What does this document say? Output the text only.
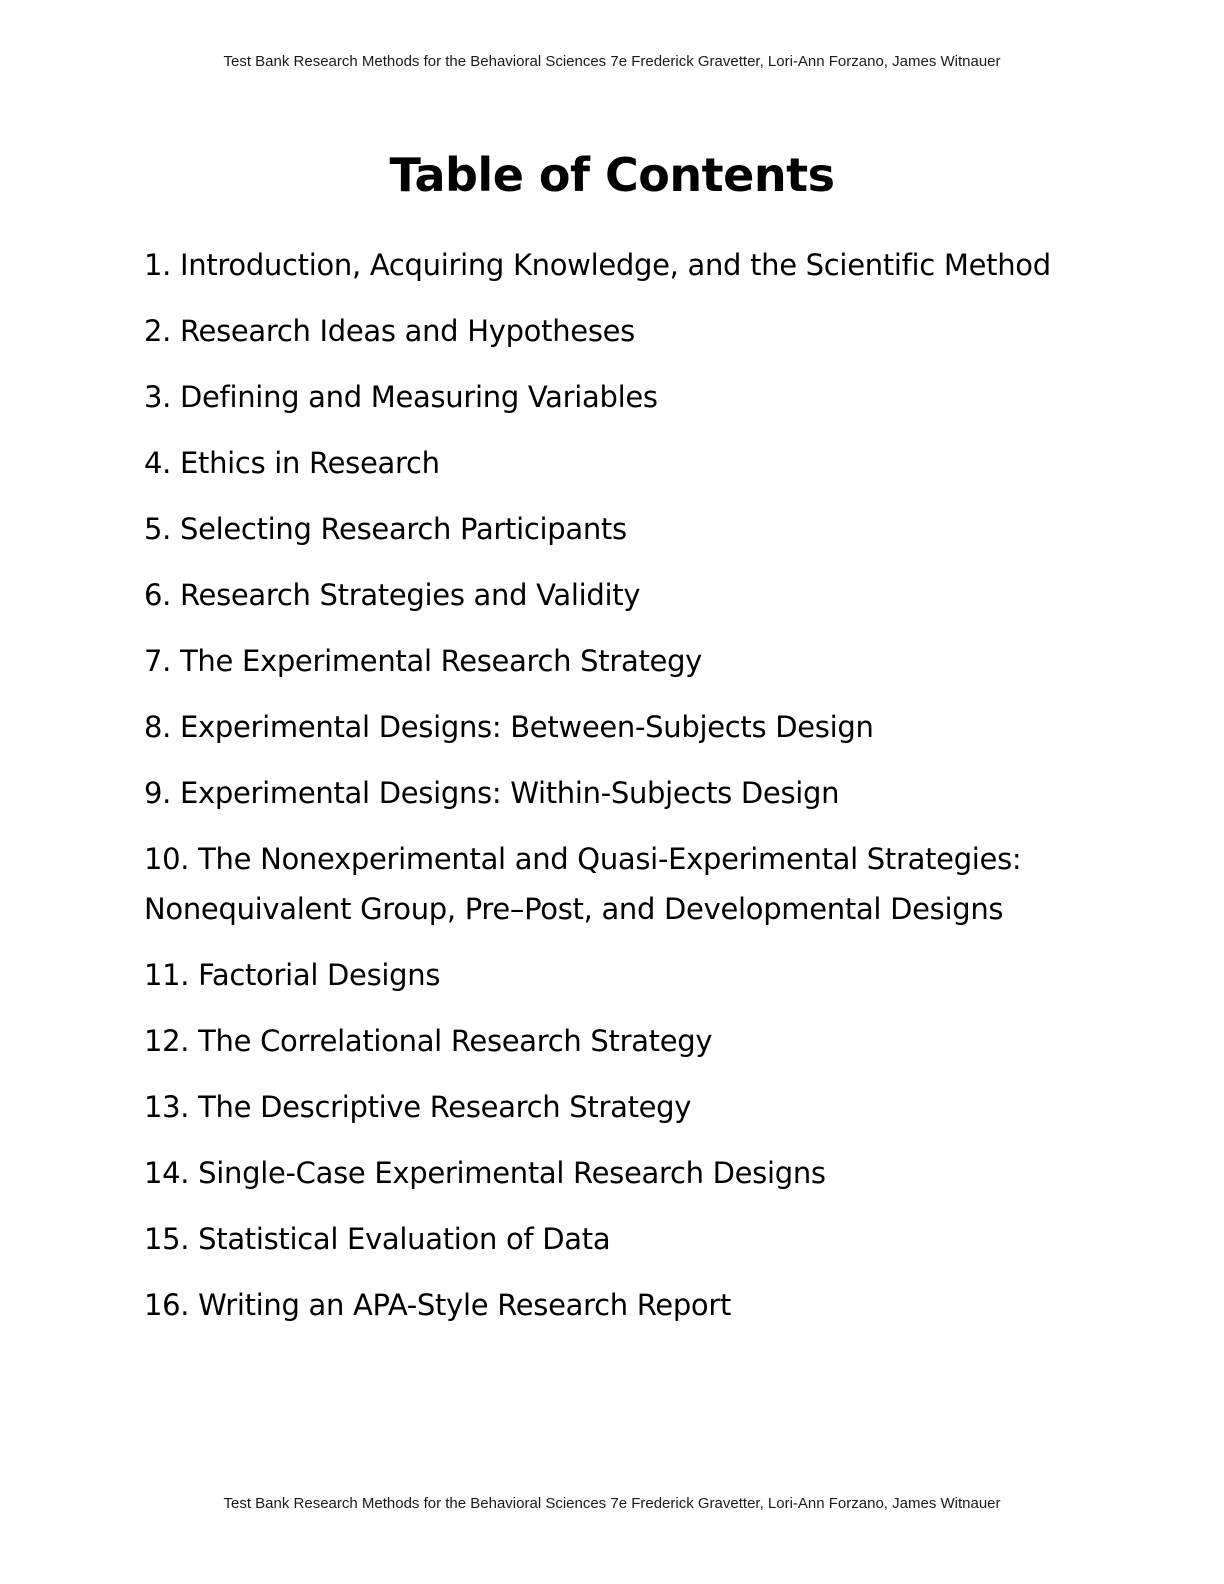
Test Bank Research Methods for the Behavioral Sciences 7e Frederick Gravetter, Lori-Ann Forzano, James Witnauer
Table of Contents
1. Introduction, Acquiring Knowledge, and the Scientific Method
2. Research Ideas and Hypotheses
3. Defining and Measuring Variables
4. Ethics in Research
5. Selecting Research Participants
6. Research Strategies and Validity
7. The Experimental Research Strategy
8. Experimental Designs: Between-Subjects Design
9. Experimental Designs: Within-Subjects Design
10. The Nonexperimental and Quasi-Experimental Strategies: Nonequivalent Group, Pre–Post, and Developmental Designs
11. Factorial Designs
12. The Correlational Research Strategy
13. The Descriptive Research Strategy
14. Single-Case Experimental Research Designs
15. Statistical Evaluation of Data
16. Writing an APA-Style Research Report
Test Bank Research Methods for the Behavioral Sciences 7e Frederick Gravetter, Lori-Ann Forzano, James Witnauer
